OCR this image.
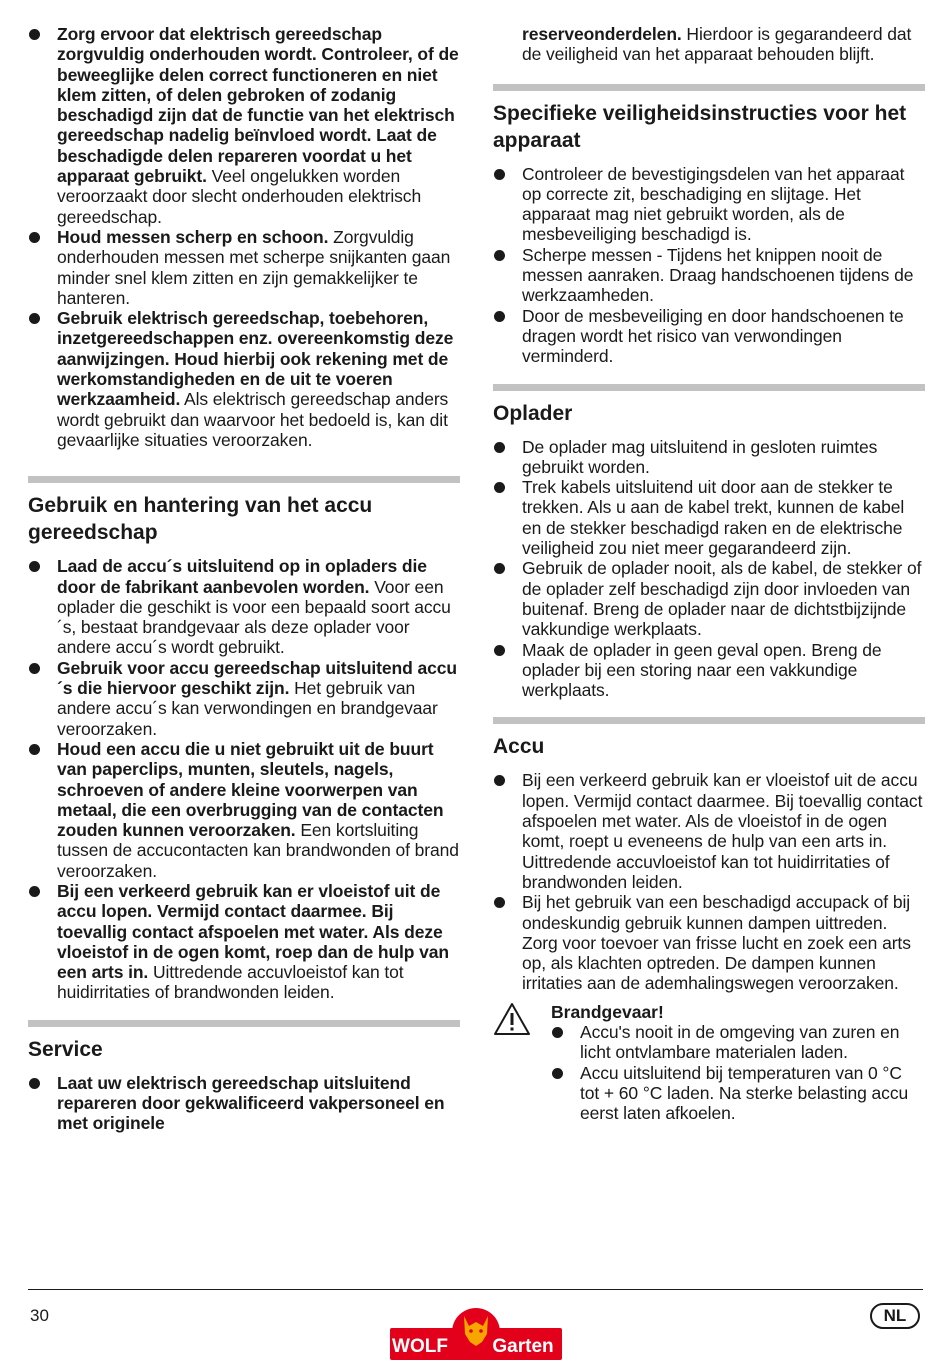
Zorg ervoor dat elektrisch gereedschap zorgvuldig onderhouden wordt. Controleer, of de beweeglijke delen correct functioneren en niet klem zitten, of delen gebroken of zodanig beschadigd zijn dat de functie van het elektrisch gereedschap nadelig beïnvloed wordt. Laat de beschadigde delen repareren voordat u het apparaat gebruikt. Veel ongelukken worden veroorzaakt door slecht onderhouden elektrisch gereedschap.
Houd messen scherp en schoon. Zorgvuldig onderhouden messen met scherpe snijkanten gaan minder snel klem zitten en zijn gemakkelijker te hanteren.
Gebruik elektrisch gereedschap, toebehoren, inzetgereedschappen enz. overeenkomstig deze aanwijzingen. Houd hierbij ook rekening met de werkomstandigheden en de uit te voeren werkzaamheid. Als elektrisch gereedschap anders wordt gebruikt dan waarvoor het bedoeld is, kan dit gevaarlijke situaties veroorzaken.
Gebruik en hantering van het accu gereedschap
Laad de accu´s uitsluitend op in opladers die door de fabrikant aanbevolen worden. Voor een oplader die geschikt is voor een bepaald soort accu´s, bestaat brandgevaar als deze oplader voor andere accu´s wordt gebruikt.
Gebruik voor accu gereedschap uitsluitend accu´s die hiervoor geschikt zijn. Het gebruik van andere accu´s kan verwondingen en brandgevaar veroorzaken.
Houd een accu die u niet gebruikt uit de buurt van paperclips, munten, sleutels, nagels, schroeven of andere kleine voorwerpen van metaal, die een overbrugging van de contacten zouden kunnen veroorzaken. Een kortsluiting tussen de accucontacten kan brandwonden of brand veroorzaken.
Bij een verkeerd gebruik kan er vloeistof uit de accu lopen. Vermijd contact daarmee. Bij toevallig contact afspoelen met water. Als deze vloeistof in de ogen komt, roep dan de hulp van een arts in. Uittredende accuvloeistof kan tot huidirritaties of brandwonden leiden.
Service
Laat uw elektrisch gereedschap uitsluitend repareren door gekwalificeerd vakpersoneel en met originele
reserveonderdelen. Hierdoor is gegarandeerd dat de veiligheid van het apparaat behouden blijft.
Specifieke veiligheidsinstructies voor het apparaat
Controleer de bevestigingsdelen van het apparaat op correcte zit, beschadiging en slijtage. Het apparaat mag niet gebruikt worden, als de mesbeveiliging beschadigd is.
Scherpe messen - Tijdens het knippen nooit de messen aanraken. Draag handschoenen tijdens de werkzaamheden.
Door de mesbeveiliging en door handschoenen te dragen wordt het risico van verwondingen verminderd.
Oplader
De oplader mag uitsluitend in gesloten ruimtes gebruikt worden.
Trek kabels uitsluitend uit door aan de stekker te trekken. Als u aan de kabel trekt, kunnen de kabel en de stekker beschadigd raken en de elektrische veiligheid zou niet meer gegarandeerd zijn.
Gebruik de oplader nooit, als de kabel, de stekker of de oplader zelf beschadigd zijn door invloeden van buitenaf. Breng de oplader naar de dichtstbijzijnde vakkundige werkplaats.
Maak de oplader in geen geval open. Breng de oplader bij een storing naar een vakkundige werkplaats.
Accu
Bij een verkeerd gebruik kan er vloeistof uit de accu lopen. Vermijd contact daarmee. Bij toevallig contact afspoelen met water. Als de vloeistof in de ogen komt, roept u eveneens de hulp van een arts in. Uittredende accuvloeistof kan tot huidirritaties of brandwonden leiden.
Bij het gebruik van een beschadigd accupack of bij ondeskundig gebruik kunnen dampen uittreden. Zorg voor toevoer van frisse lucht en zoek een arts op, als klachten optreden. De dampen kunnen irritaties aan de ademhalingswegen veroorzaken.
Brandgevaar!
Accu's nooit in de omgeving van zuren en licht ontvlambare materialen laden.
Accu uitsluitend bij temperaturen van 0 °C tot + 60 °C laden. Na sterke belasting accu eerst laten afkoelen.
30
WOLF Garten
NL
